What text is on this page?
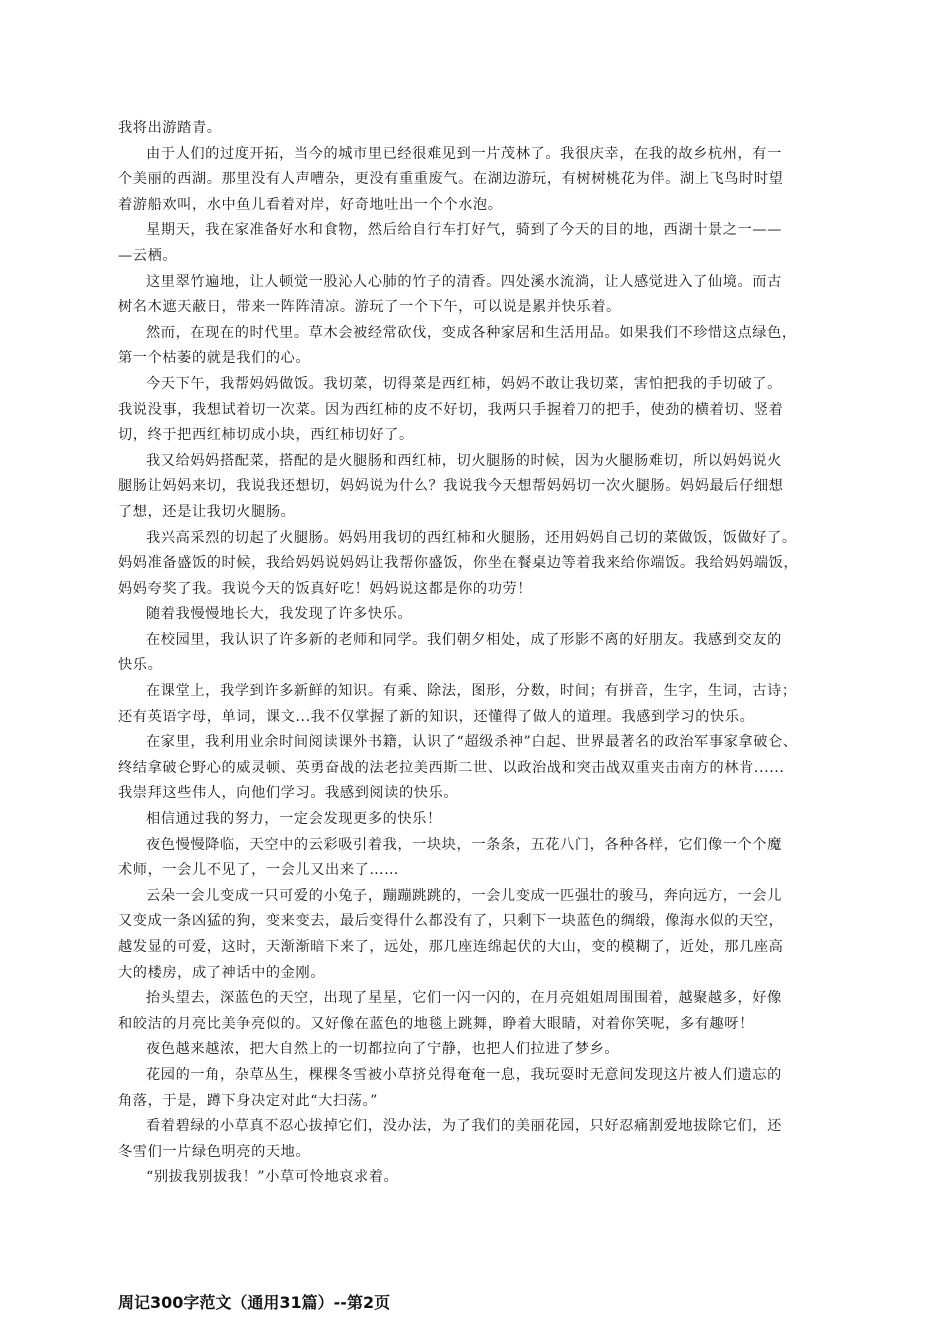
我将出游踏青。
由于人们的过度开拓，当今的城市里已经很难见到一片茂林了。我很庆幸，在我的故乡杭州，有一
个美丽的西湖。那里没有人声嘈杂，更没有重重废气。在湖边游玩，有树树桃花为伴。湖上飞鸟时时望
着游船欢叫，水中鱼儿看着对岸，好奇地吐出一个个水泡。
星期天，我在家准备好水和食物，然后给自行车打好气，骑到了今天的目的地，西湖十景之一——
—云栖。
这里翠竹遍地，让人顿觉一股沁人心肺的竹子的清香。四处溪水流淌，让人感觉进入了仙境。而古
树名木遮天蔽日，带来一阵阵清凉。游玩了一个下午，可以说是累并快乐着。
然而，在现在的时代里。草木会被经常砍伐，变成各种家居和生活用品。如果我们不珍惜这点绿色，
第一个枯萎的就是我们的心。
今天下午，我帮妈妈做饭。我切菜，切得菜是西红柿，妈妈不敢让我切菜，害怕把我的手切破了。
我说没事，我想试着切一次菜。因为西红柿的皮不好切，我两只手握着刀的把手，使劲的横着切、竖着
切，终于把西红柿切成小块，西红柿切好了。
我又给妈妈搭配菜，搭配的是火腿肠和西红柿，切火腿肠的时候，因为火腿肠难切，所以妈妈说火
腿肠让妈妈来切，我说我还想切，妈妈说为什么？我说我今天想帮妈妈切一次火腿肠。妈妈最后仔细想
了想，还是让我切火腿肠。
我兴高采烈的切起了火腿肠。妈妈用我切的西红柿和火腿肠，还用妈妈自己切的菜做饭，饭做好了。
妈妈准备盛饭的时候，我给妈妈说妈妈让我帮你盛饭，你坐在餐桌边等着我来给你端饭。我给妈妈端饭，
妈妈夸奖了我。我说今天的饭真好吃！妈妈说这都是你的功劳！
随着我慢慢地长大，我发现了许多快乐。
在校园里，我认识了许多新的老师和同学。我们朝夕相处，成了形影不离的好朋友。我感到交友的
快乐。
在课堂上，我学到许多新鲜的知识。有乘、除法，图形，分数，时间；有拼音，生字，生词，古诗；
还有英语字母，单词，课文...我不仅掌握了新的知识，还懂得了做人的道理。我感到学习的快乐。
在家里，我利用业余时间阅读课外书籍，认识了“超级杀神”白起、世界最著名的政治军事家拿破仑、
终结拿破仑野心的威灵顿、英勇奋战的法老拉美西斯二世、以政治战和突击战双重夹击南方的林肯......
我崇拜这些伟人，向他们学习。我感到阅读的快乐。
相信通过我的努力，一定会发现更多的快乐！
夜色慢慢降临，天空中的云彩吸引着我，一块块，一条条，五花八门，各种各样，它们像一个个魔
术师，一会儿不见了，一会儿又出来了……
云朵一会儿变成一只可爱的小兔子，蹦蹦跳跳的，一会儿变成一匹强壮的骏马，奔向远方，一会儿
又变成一条凶猛的狗，变来变去，最后变得什么都没有了，只剩下一块蓝色的绸缎，像海水似的天空，
越发显的可爱，这时，天渐渐暗下来了，远处，那几座连绵起伏的大山，变的模糊了，近处，那几座高
大的楼房，成了神话中的金刚。
抬头望去，深蓝色的天空，出现了星星，它们一闪一闪的，在月亮姐姐周围围着，越聚越多，好像
和皎洁的月亮比美争亮似的。又好像在蓝色的地毯上跳舞，睁着大眼睛，对着你笑呢，多有趣呀！
夜色越来越浓，把大自然上的一切都拉向了宁静，也把人们拉进了梦乡。
花园的一角，杂草丛生，棵棵冬雪被小草挤兑得奄奄一息，我玩耍时无意间发现这片被人们遗忘的
角落，于是，蹲下身决定对此“大扫荡。”
看着碧绿的小草真不忍心拔掉它们，没办法，为了我们的美丽花园，只好忍痛割爱地拔除它们，还
冬雪们一片绿色明亮的天地。
“别拔我别拔我！”小草可怜地哀求着。
周记300字范文（通用31篇）--第2页
